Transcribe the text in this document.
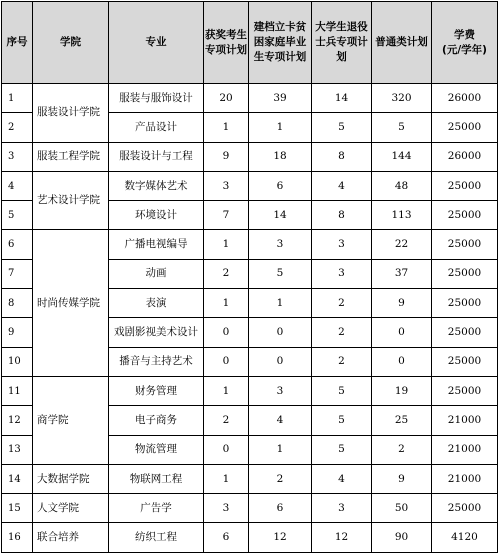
序号	学院	专业	获奖考生专项计划	建档立卡贫困家庭毕业生专项计划	大学生退役士兵专项计划	普通类计划	学费
(元/学年)

1	服装设计学院	服装与服饰设计	20	39	14	320	26000
2		产品设计	1	1	5	5	25000
3	服装工程学院	服装设计与工程	9	18	8	144	26000
4	艺术设计学院	数字媒体艺术	3	6	4	48	25000
5		环境设计	7	14	8	113	25000
6	时尚传媒学院	广播电视编导	1	3	3	22	25000
7		动画	2	5	3	37	25000
8		表演	1	1	2	9	25000
9		戏剧影视美术设计	0	0	2	0	25000
10		播音与主持艺术	0	0	2	0	25000
11	商学院	财务管理	1	3	5	19	25000
12		电子商务	2	4	5	25	21000
13		物流管理	0	1	5	2	21000
14	大数据学院	物联网工程	1	2	4	9	21000
15	人文学院	广告学	3	6	3	50	25000
16	联合培养	纺织工程	6	12	12	90	4120
